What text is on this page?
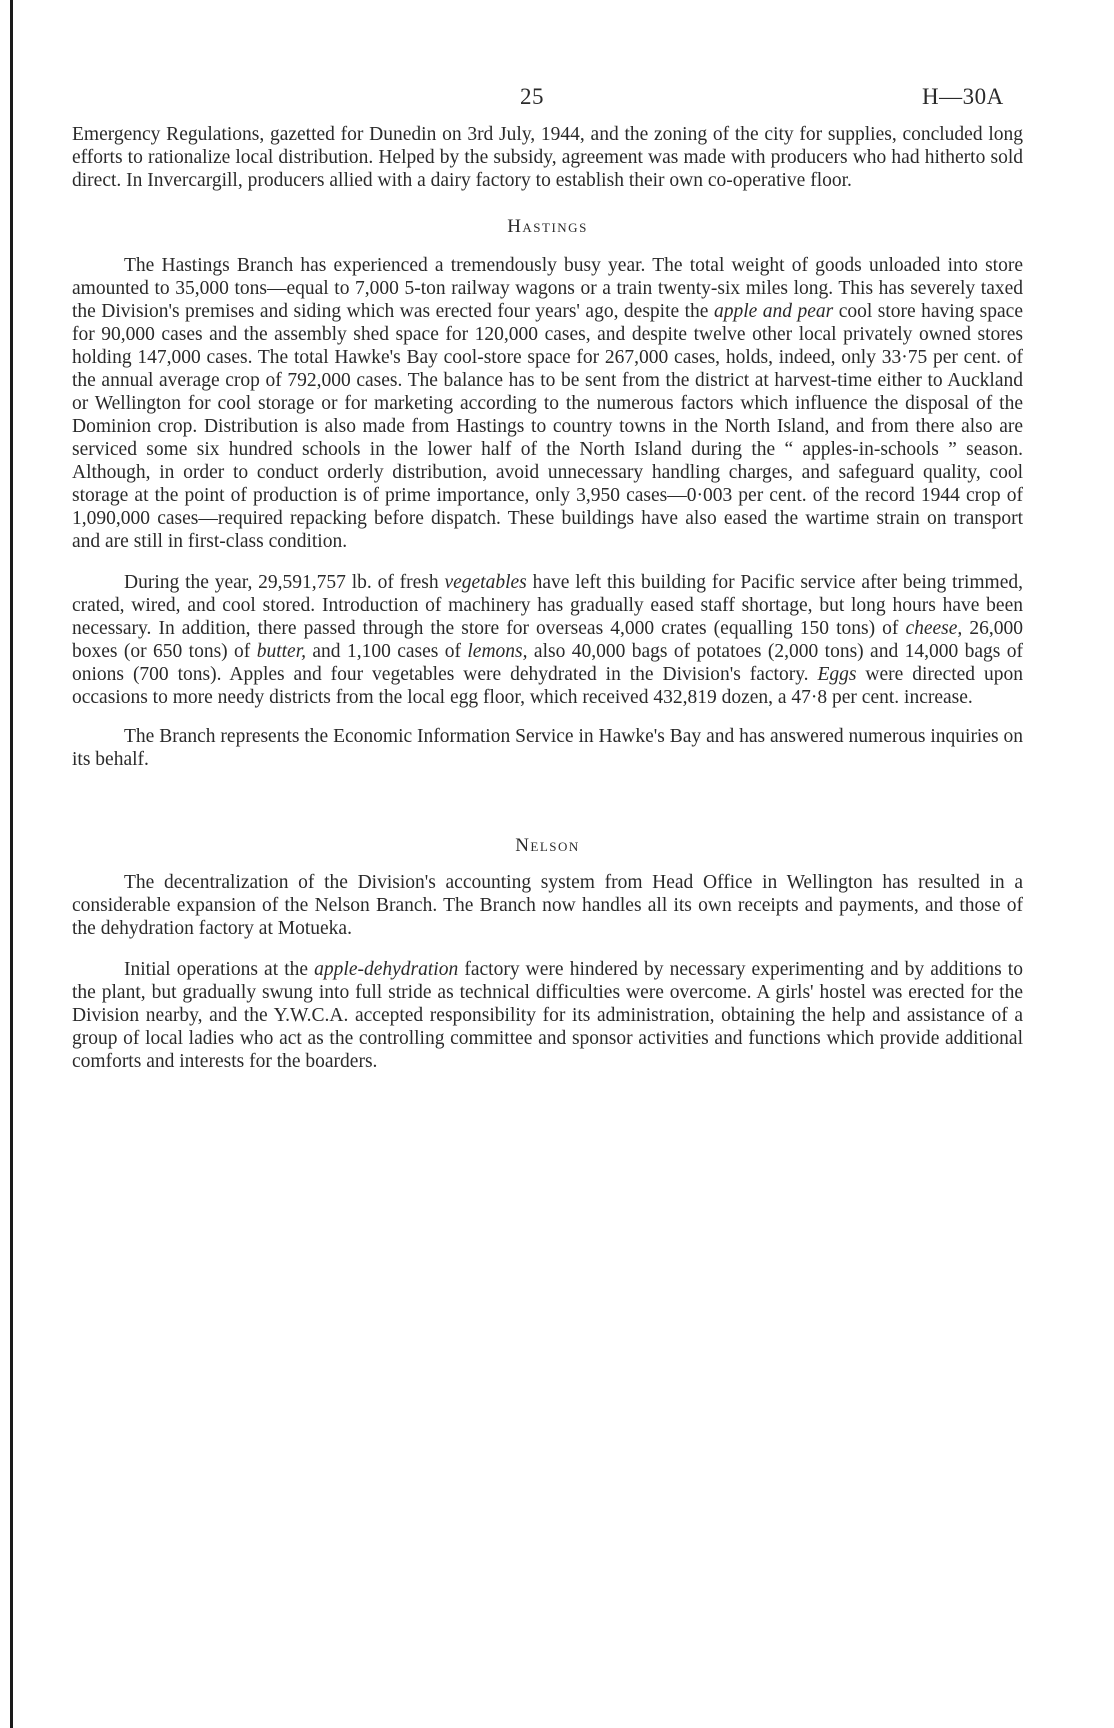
25	H—30A

Emergency Regulations, gazetted for Dunedin on 3rd July, 1944, and the zoning of the city for supplies, concluded long efforts to rationalize local distribution. Helped by the subsidy, agreement was made with producers who had hitherto sold direct. In Invercargill, producers allied with a dairy factory to establish their own co-operative floor.

Hastings

The Hastings Branch has experienced a tremendously busy year. The total weight of goods unloaded into store amounted to 35,000 tons—equal to 7,000 5-ton railway wagons or a train twenty-six miles long. This has severely taxed the Division's premises and siding which was erected four years' ago, despite the apple and pear cool store having space for 90,000 cases and the assembly shed space for 120,000 cases, and despite twelve other local privately owned stores holding 147,000 cases. The total Hawke's Bay cool-store space for 267,000 cases, holds, indeed, only 33·75 per cent. of the annual average crop of 792,000 cases. The balance has to be sent from the district at harvest-time either to Auckland or Wellington for cool storage or for marketing according to the numerous factors which influence the disposal of the Dominion crop. Distribution is also made from Hastings to country towns in the North Island, and from there also are serviced some six hundred schools in the lower half of the North Island during the “ apples-in-schools ” season. Although, in order to conduct orderly distribution, avoid unnecessary handling charges, and safeguard quality, cool storage at the point of production is of prime importance, only 3,950 cases—0·003 per cent. of the record 1944 crop of 1,090,000 cases—required repacking before dispatch. These buildings have also eased the wartime strain on transport and are still in first-class condition.

During the year, 29,591,757 lb. of fresh vegetables have left this building for Pacific service after being trimmed, crated, wired, and cool stored. Introduction of machinery has gradually eased staff shortage, but long hours have been necessary. In addition, there passed through the store for overseas 4,000 crates (equalling 150 tons) of cheese, 26,000 boxes (or 650 tons) of butter, and 1,100 cases of lemons, also 40,000 bags of potatoes (2,000 tons) and 14,000 bags of onions (700 tons). Apples and four vegetables were dehydrated in the Division's factory. Eggs were directed upon occasions to more needy districts from the local egg floor, which received 432,819 dozen, a 47·8 per cent. increase.

The Branch represents the Economic Information Service in Hawke's Bay and has answered numerous inquiries on its behalf.

Nelson

The decentralization of the Division's accounting system from Head Office in Wellington has resulted in a considerable expansion of the Nelson Branch. The Branch now handles all its own receipts and payments, and those of the dehydration factory at Motueka.

Initial operations at the apple-dehydration factory were hindered by necessary experimenting and by additions to the plant, but gradually swung into full stride as technical difficulties were overcome. A girls' hostel was erected for the Division nearby, and the Y.W.C.A. accepted responsibility for its administration, obtaining the help and assistance of a group of local ladies who act as the controlling committee and sponsor activities and functions which provide additional comforts and interests for the boarders.
